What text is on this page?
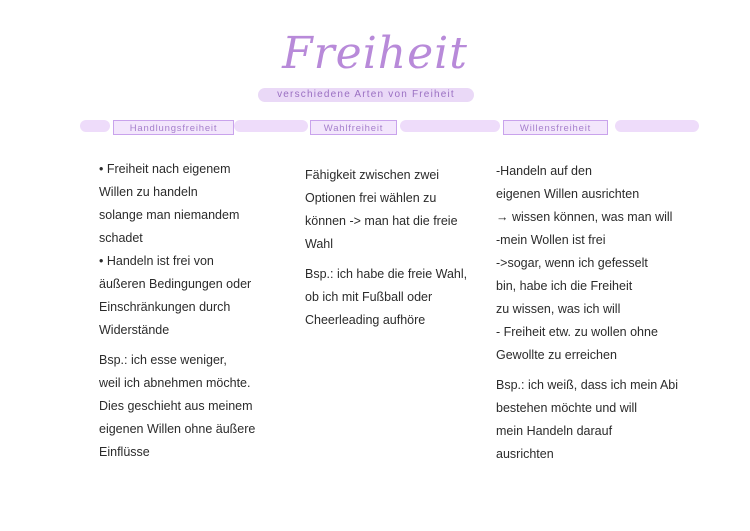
Freiheit
verschiedene Arten von Freiheit
Handlungsfreiheit	Wahlfreiheit	Willensfreiheit
• Freiheit nach eigenem
Willen zu handeln
solange man niemandem
schadet
• Handeln ist frei von
äußeren Bedingungen oder
Einschränkungen durch
Widerstände
Bsp.: ich esse weniger,
weil ich abnehmen möchte.
Dies geschieht aus meinem
eigenen Willen ohne äußere
Einflüsse
Fähigkeit zwischen zwei
Optionen frei wählen zu
können -> man hat die freie
Wahl
Bsp.: ich habe die freie Wahl,
ob ich mit Fußball oder
Cheerleading aufhöre
-Handeln auf den
eigenen Willen ausrichten
→ wissen können, was man will
-mein Wollen ist frei
->sogar, wenn ich gefesselt
bin, habe ich die Freiheit
zu wissen, was ich will
- Freiheit etw. zu wollen ohne
Gewollte zu erreichen
Bsp.: ich weiß, dass ich mein Abi
bestehen möchte und will
mein Handeln darauf
ausrichten
